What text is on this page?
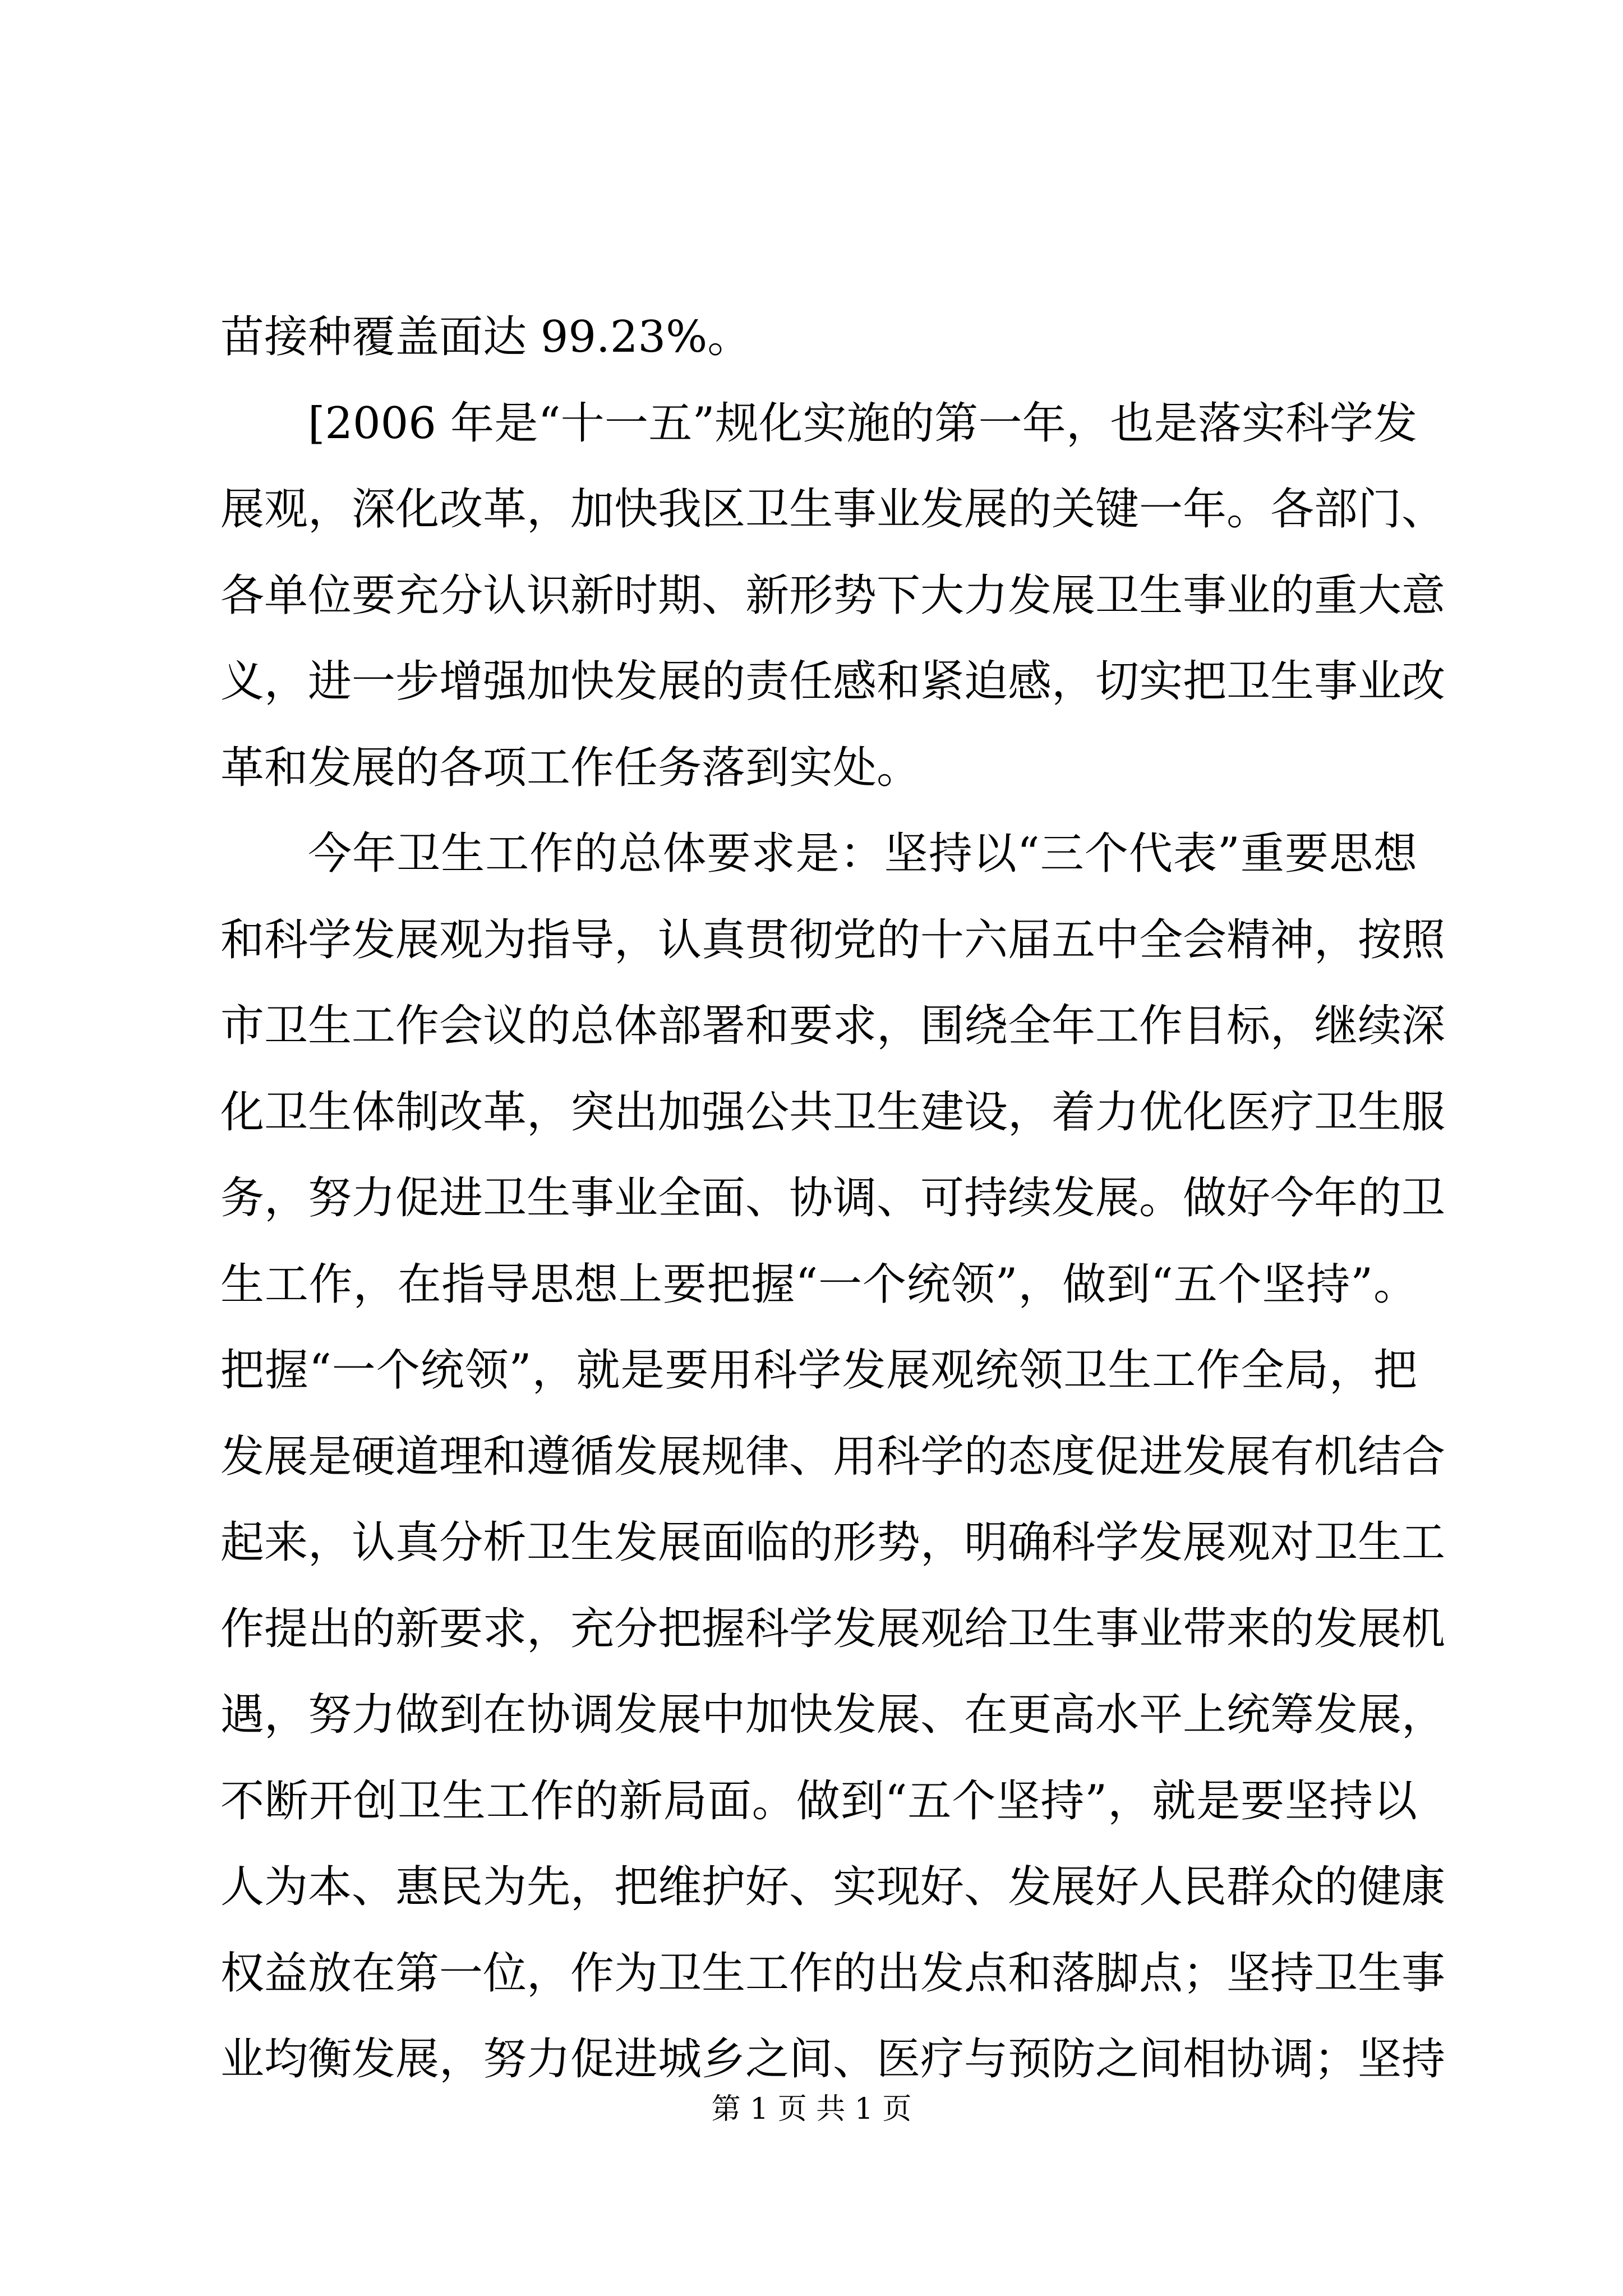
苗接种覆盖面达 99.23%。
[2006 年是“十一五”规化实施的第一年，也是落实科学发
展观，深化改革，加快我区卫生事业发展的关键一年。各部门、
各单位要充分认识新时期、新形势下大力发展卫生事业的重大意
义，进一步增强加快发展的责任感和紧迫感，切实把卫生事业改
革和发展的各项工作任务落到实处。
今年卫生工作的总体要求是：坚持以“三个代表”重要思想
和科学发展观为指导，认真贯彻党的十六届五中全会精神，按照
市卫生工作会议的总体部署和要求，围绕全年工作目标，继续深
化卫生体制改革，突出加强公共卫生建设，着力优化医疗卫生服
务，努力促进卫生事业全面、协调、可持续发展。做好今年的卫
生工作，在指导思想上要把握“一个统领”，做到“五个坚持”。
把握“一个统领”，就是要用科学发展观统领卫生工作全局，把
发展是硬道理和遵循发展规律、用科学的态度促进发展有机结合
起来，认真分析卫生发展面临的形势，明确科学发展观对卫生工
作提出的新要求，充分把握科学发展观给卫生事业带来的发展机
遇，努力做到在协调发展中加快发展、在更高水平上统筹发展，
不断开创卫生工作的新局面。做到“五个坚持”，就是要坚持以
人为本、惠民为先，把维护好、实现好、发展好人民群众的健康
权益放在第一位，作为卫生工作的出发点和落脚点；坚持卫生事
业均衡发展，努力促进城乡之间、医疗与预防之间相协调；坚持
第 1 页 共 1 页
